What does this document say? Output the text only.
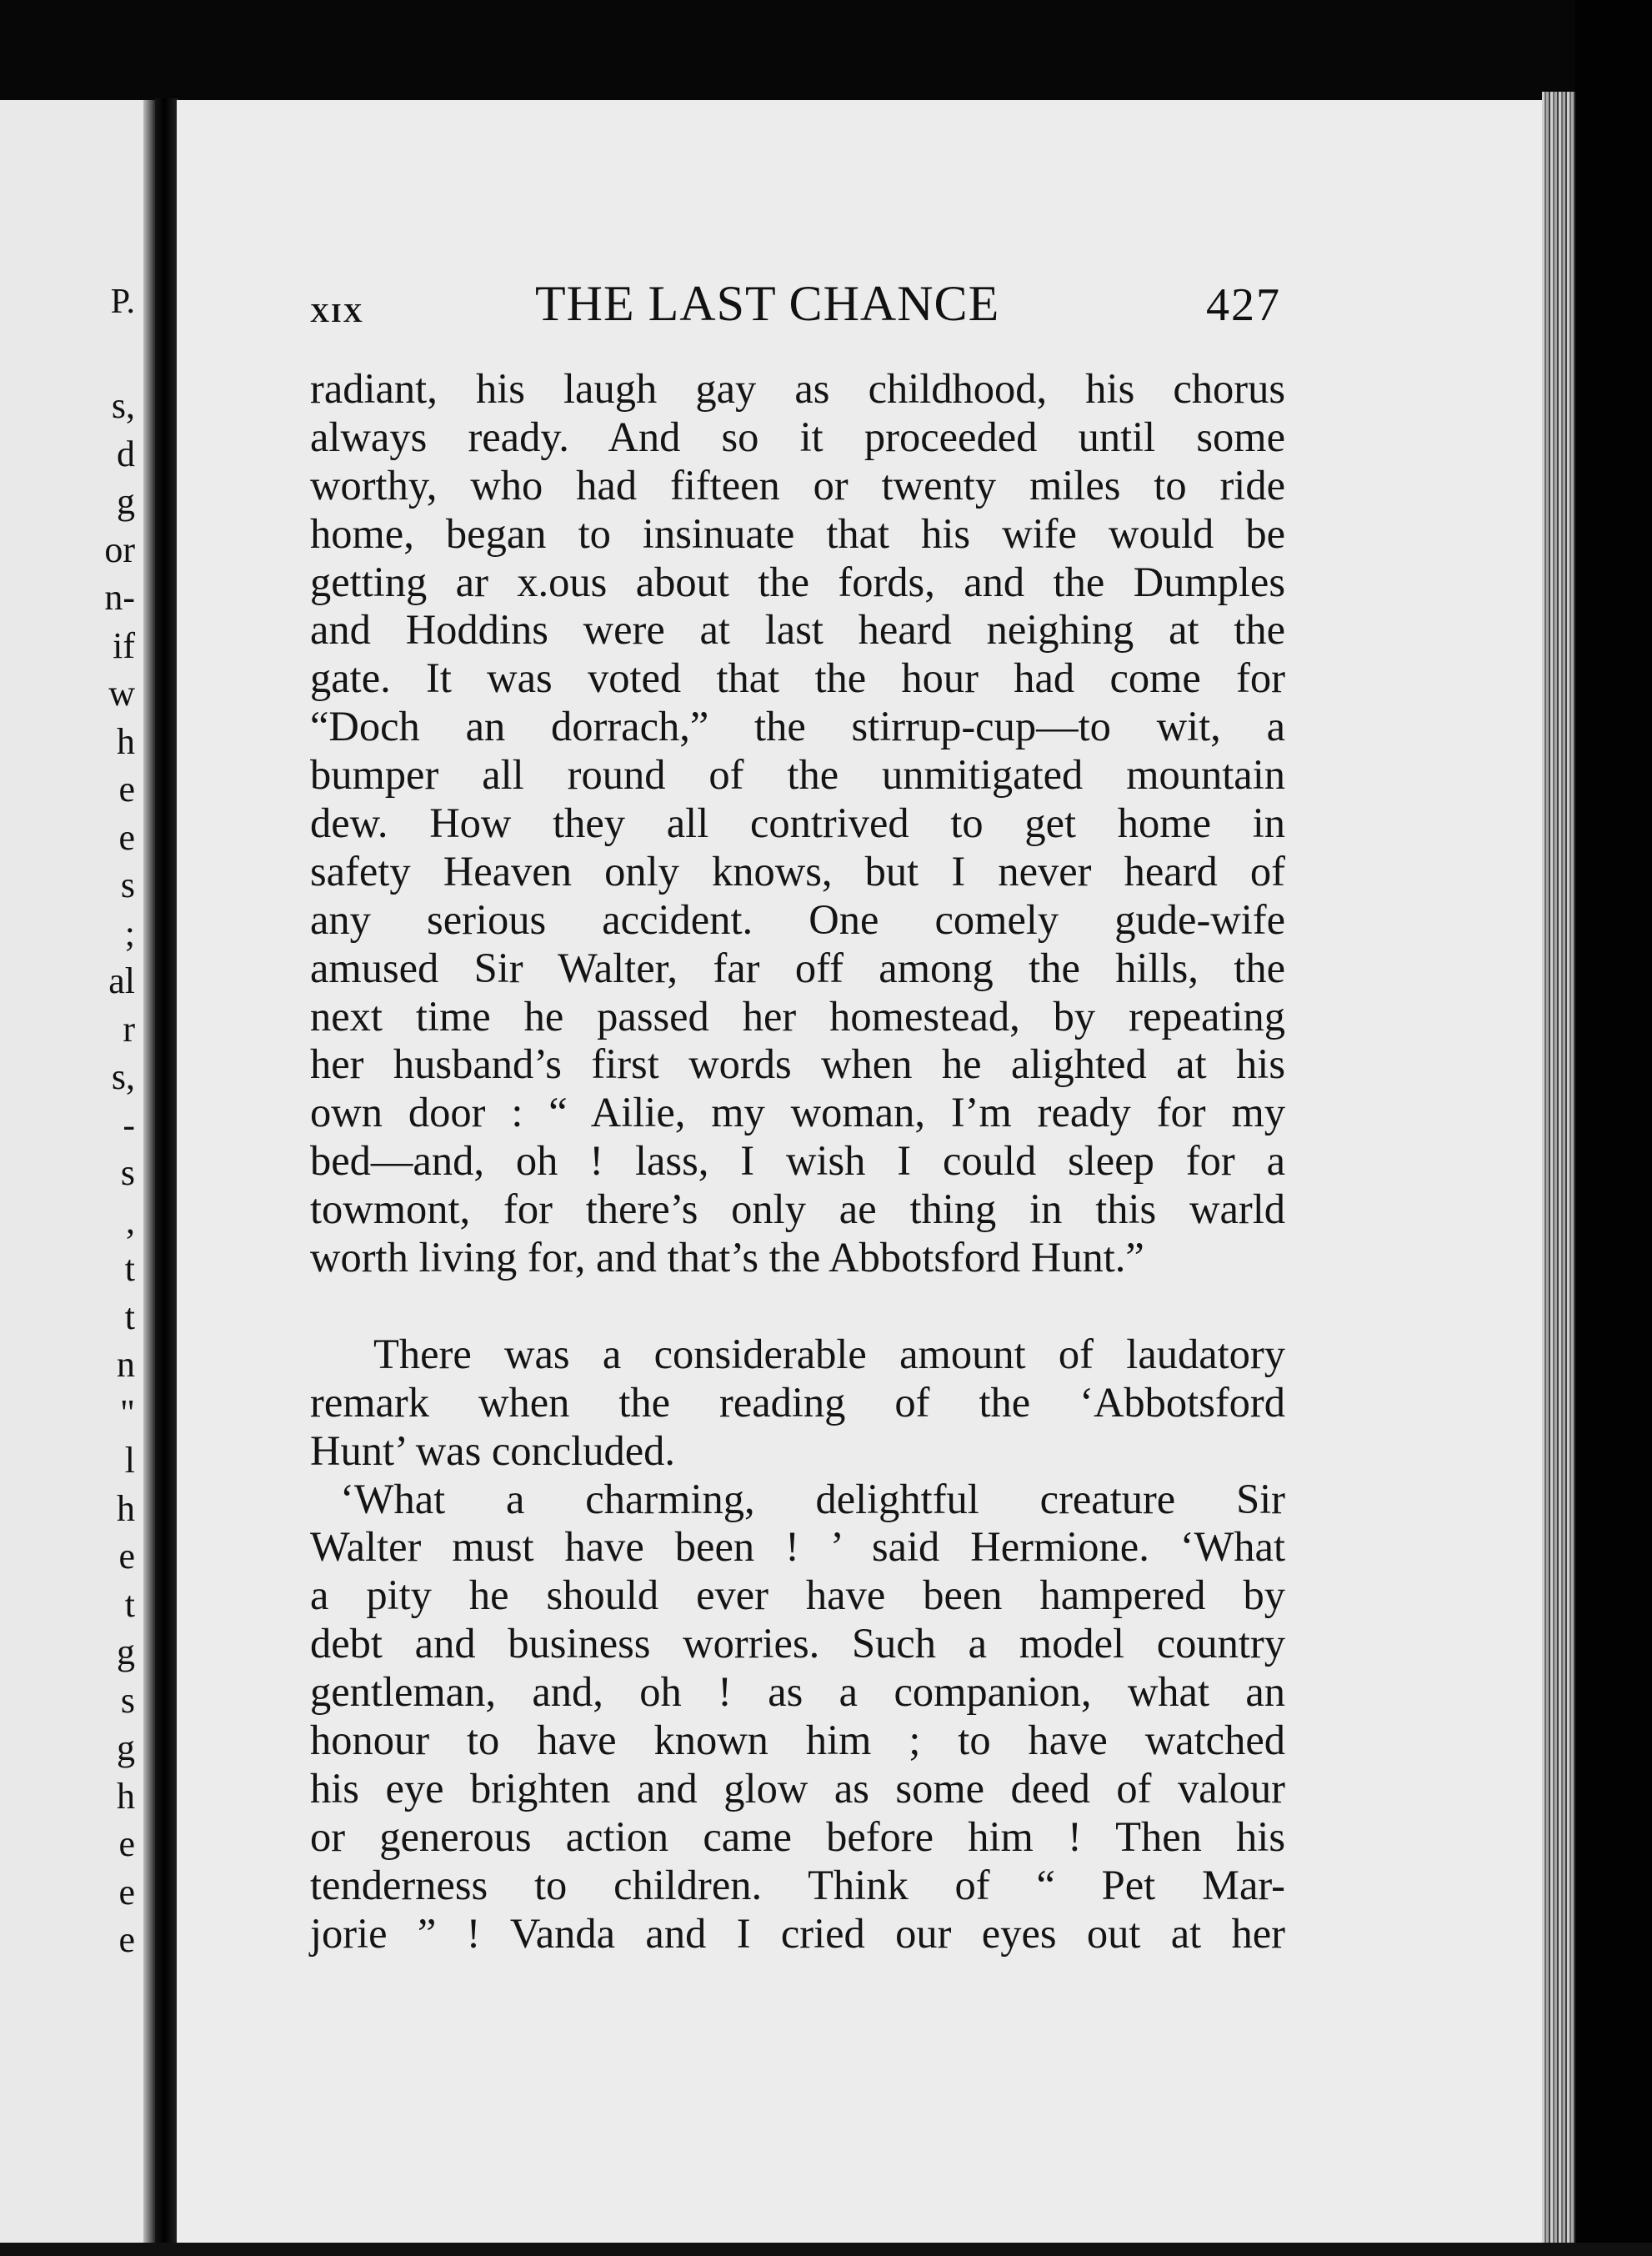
P.
s,
d
g
or
n-
if
w
h
e
e
s
;
al
r
s,
-
s
,
t
t
n
"
l
h
e
t
g
s
g
h
e
e
e
xix	THE LAST CHANCE	427
radiant, his laugh gay as childhood, his chorus
always ready. And so it proceeded until some
worthy, who had fifteen or twenty miles to ride
home, began to insinuate that his wife would be
getting ar x.ous about the fords, and the Dumples
and Hoddins were at last heard neighing at the
gate. It was voted that the hour had come for
“Doch an dorrach,” the stirrup-cup—to wit, a
bumper all round of the unmitigated mountain
dew. How they all contrived to get home in
safety Heaven only knows, but I never heard of
any serious accident. One comely gude-wife
amused Sir Walter, far off among the hills, the
next time he passed her homestead, by repeating
her husband’s first words when he alighted at his
own door : “ Ailie, my woman, I’m ready for my
bed—and, oh ! lass, I wish I could sleep for a
towmont, for there’s only ae thing in this warld
worth living for, and that’s the Abbotsford Hunt.”
There was a considerable amount of laudatory
remark when the reading of the ‘Abbotsford
Hunt’ was concluded.
‘What a charming, delightful creature Sir
Walter must have been ! ’ said Hermione. ‘What
a pity he should ever have been hampered by
debt and business worries. Such a model country
gentleman, and, oh ! as a companion, what an
honour to have known him ; to have watched
his eye brighten and glow as some deed of valour
or generous action came before him ! Then his
tenderness to children. Think of “ Pet Mar-
jorie ” ! Vanda and I cried our eyes out at her
